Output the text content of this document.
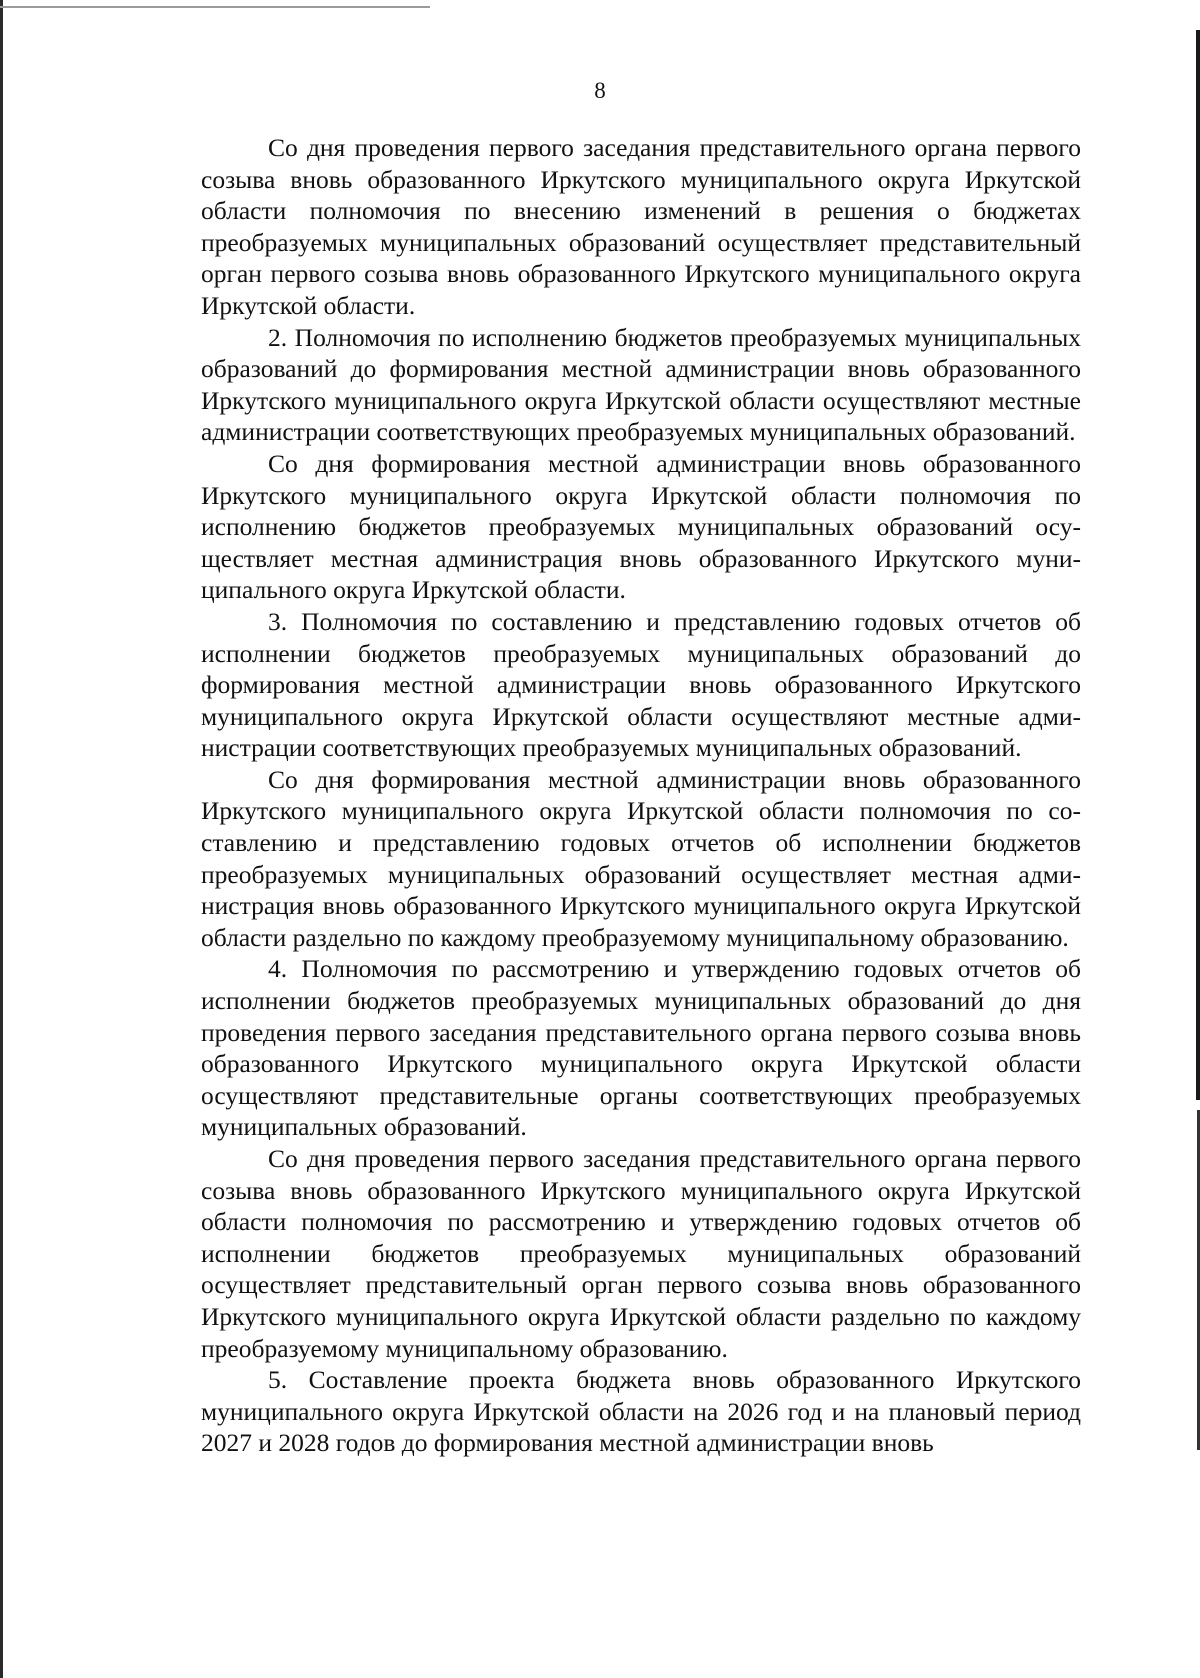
8

Со дня проведения первого заседания представительного органа первого созыва вновь образованного Иркутского муниципального округа Иркутской области полномочия по внесению изменений в решения о бюджетах преобразуемых муниципальных образований осуществляет представительный орган первого созыва вновь образованного Иркутского муниципального округа Иркутской области.

2. Полномочия по исполнению бюджетов преобразуемых муниципальных образований до формирования местной администрации вновь образованного Иркутского муниципального округа Иркутской области осуществляют местные администрации соответствующих преобразуемых муниципальных образований.

Со дня формирования местной администрации вновь образованного Иркутского муниципального округа Иркутской области полномочия по исполнению бюджетов преобразуемых муниципальных образований осуществляет местная администрация вновь образованного Иркутского муниципального округа Иркутской области.

3. Полномочия по составлению и представлению годовых отчетов об исполнении бюджетов преобразуемых муниципальных образований до формирования местной администрации вновь образованного Иркутского муниципального округа Иркутской области осуществляют местные администрации соответствующих преобразуемых муниципальных образований.

Со дня формирования местной администрации вновь образованного Иркутского муниципального округа Иркутской области полномочия по составлению и представлению годовых отчетов об исполнении бюджетов преобразуемых муниципальных образований осуществляет местная администрация вновь образованного Иркутского муниципального округа Иркутской области раздельно по каждому преобразуемому муниципальному образованию.

4. Полномочия по рассмотрению и утверждению годовых отчетов об исполнении бюджетов преобразуемых муниципальных образований до дня проведения первого заседания представительного органа первого созыва вновь образованного Иркутского муниципального округа Иркутской области осуществляют представительные органы соответствующих преобразуемых муниципальных образований.

Со дня проведения первого заседания представительного органа первого созыва вновь образованного Иркутского муниципального округа Иркутской области полномочия по рассмотрению и утверждению годовых отчетов об исполнении бюджетов преобразуемых муниципальных образований осуществляет представительный орган первого созыва вновь образованного Иркутского муниципального округа Иркутской области раздельно по каждому преобразуемому муниципальному образованию.

5. Составление проекта бюджета вновь образованного Иркутского муниципального округа Иркутской области на 2026 год и на плановый период 2027 и 2028 годов до формирования местной администрации вновь
